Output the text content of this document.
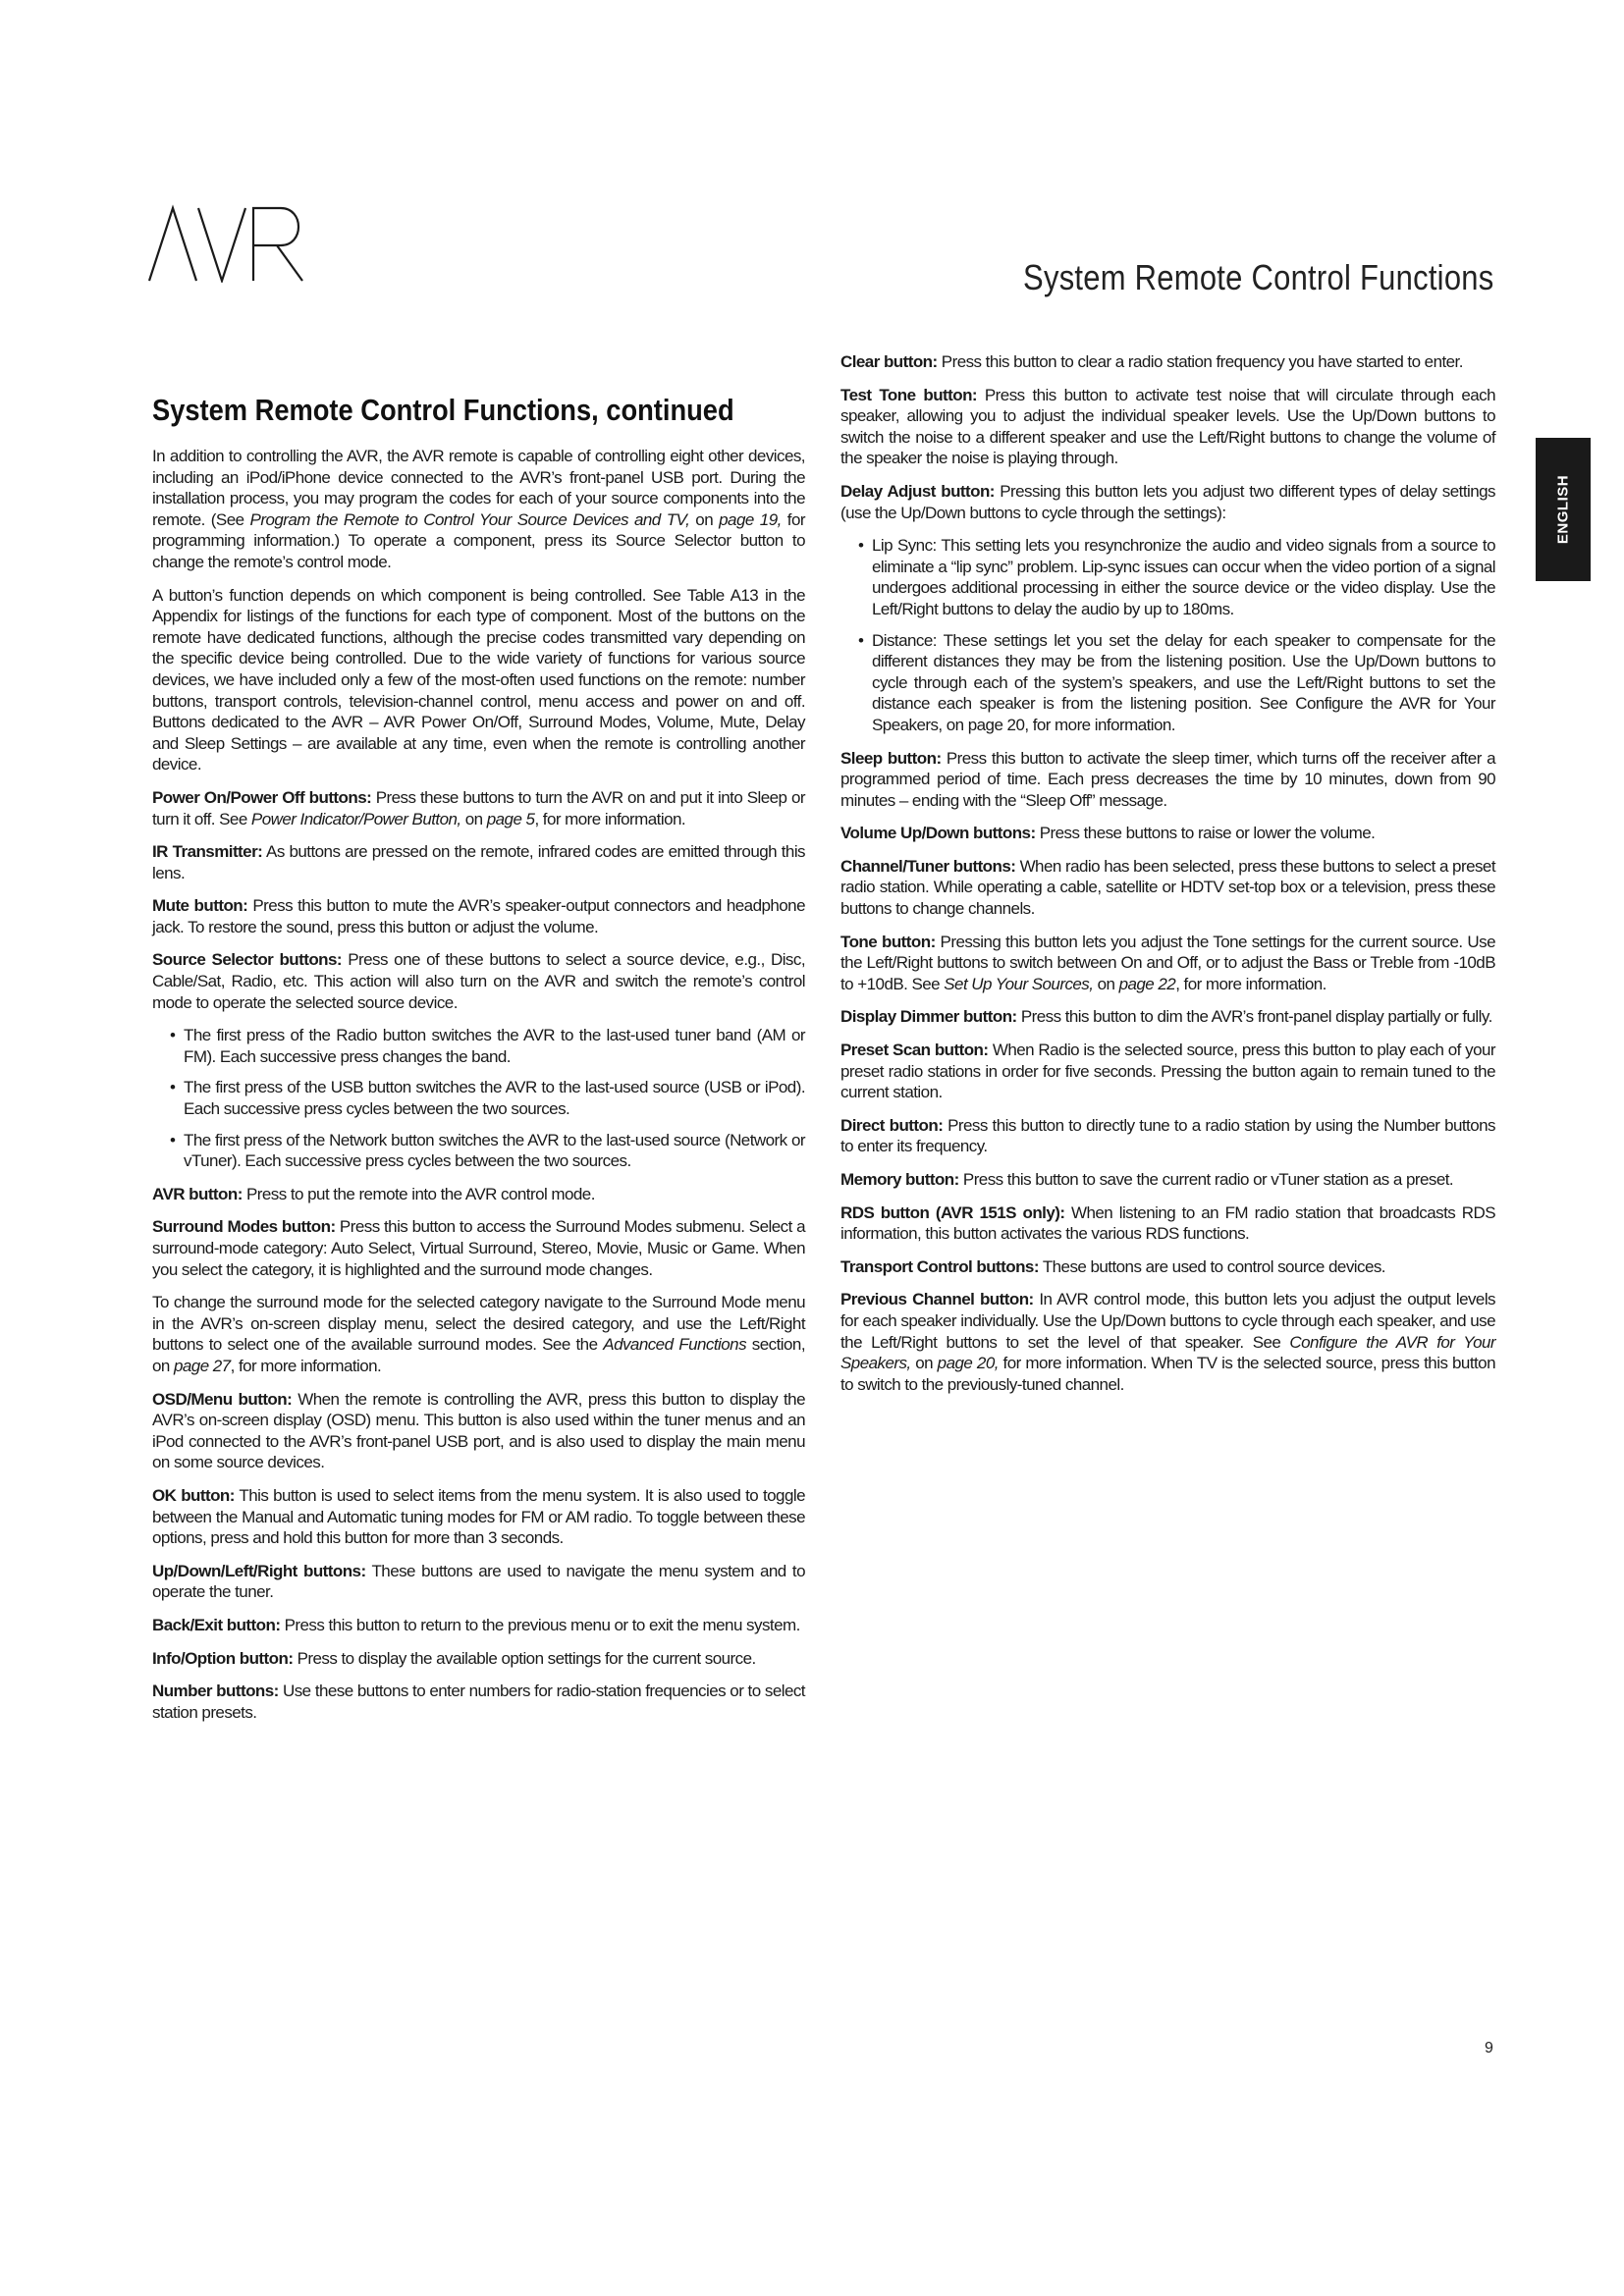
System Remote Control Functions
ENGLISH
System Remote Control Functions, continued

In addition to controlling the AVR, the AVR remote is capable of controlling eight other devices, including an iPod/iPhone device connected to the AVR’s front-panel USB port. During the installation process, you may program the codes for each of your source components into the remote. (See Program the Remote to Control Your Source Devices and TV, on page 19, for programming information.) To operate a component, press its Source Selector button to change the remote’s control mode.

A button’s function depends on which component is being controlled. See Table A13 in the Appendix for listings of the functions for each type of component. Most of the buttons on the remote have dedicated functions, although the precise codes transmitted vary depending on the specific device being controlled. Due to the wide variety of functions for various source devices, we have included only a few of the most-often used functions on the remote: number buttons, transport controls, television-channel control, menu access and power on and off. Buttons dedicated to the AVR – AVR Power On/Off, Surround Modes, Volume, Mute, Delay and Sleep Settings – are available at any time, even when the remote is controlling another device.

Power On/Power Off buttons: Press these buttons to turn the AVR on and put it into Sleep or turn it off. See Power Indicator/Power Button, on page 5, for more information.

IR Transmitter: As buttons are pressed on the remote, infrared codes are emitted through this lens.

Mute button: Press this button to mute the AVR’s speaker-output connectors and headphone jack. To restore the sound, press this button or adjust the volume.

Source Selector buttons: Press one of these buttons to select a source device, e.g., Disc, Cable/Sat, Radio, etc. This action will also turn on the AVR and switch the remote’s control mode to operate the selected source device.

• The first press of the Radio button switches the AVR to the last-used tuner band (AM or FM). Each successive press changes the band.
• The first press of the USB button switches the AVR to the last-used source (USB or iPod). Each successive press cycles between the two sources.
• The first press of the Network button switches the AVR to the last-used source (Network or vTuner). Each successive press cycles between the two sources.

AVR button: Press to put the remote into the AVR control mode.

Surround Modes button: Press this button to access the Surround Modes submenu. Select a surround-mode category: Auto Select, Virtual Surround, Stereo, Movie, Music or Game. When you select the category, it is highlighted and the surround mode changes.

To change the surround mode for the selected category navigate to the Surround Mode menu in the AVR’s on-screen display menu, select the desired category, and use the Left/Right buttons to select one of the available surround modes. See the Advanced Functions section, on page 27, for more information.

OSD/Menu button: When the remote is controlling the AVR, press this button to display the AVR’s on-screen display (OSD) menu. This button is also used within the tuner menus and an iPod connected to the AVR’s front-panel USB port, and is also used to display the main menu on some source devices.

OK button: This button is used to select items from the menu system. It is also used to toggle between the Manual and Automatic tuning modes for FM or AM radio. To toggle between these options, press and hold this button for more than 3 seconds.

Up/Down/Left/Right buttons: These buttons are used to navigate the menu system and to operate the tuner.

Back/Exit button: Press this button to return to the previous menu or to exit the menu system.

Info/Option button: Press to display the available option settings for the current source.

Number buttons: Use these buttons to enter numbers for radio-station frequencies or to select station presets.

Clear button: Press this button to clear a radio station frequency you have started to enter.

Test Tone button: Press this button to activate test noise that will circulate through each speaker, allowing you to adjust the individual speaker levels. Use the Up/Down buttons to switch the noise to a different speaker and use the Left/Right buttons to change the volume of the speaker the noise is playing through.

Delay Adjust button: Pressing this button lets you adjust two different types of delay settings (use the Up/Down buttons to cycle through the settings):

• Lip Sync: This setting lets you resynchronize the audio and video signals from a source to eliminate a “lip sync” problem. Lip-sync issues can occur when the video portion of a signal undergoes additional processing in either the source device or the video display. Use the Left/Right buttons to delay the audio by up to 180ms.
• Distance: These settings let you set the delay for each speaker to compensate for the different distances they may be from the listening position. Use the Up/Down buttons to cycle through each of the system’s speakers, and use the Left/Right buttons to set the distance each speaker is from the listening position. See Configure the AVR for Your Speakers, on page 20, for more information.

Sleep button: Press this button to activate the sleep timer, which turns off the receiver after a programmed period of time. Each press decreases the time by 10 minutes, down from 90 minutes – ending with the “Sleep Off” message.

Volume Up/Down buttons: Press these buttons to raise or lower the volume.

Channel/Tuner buttons: When radio has been selected, press these buttons to select a preset radio station. While operating a cable, satellite or HDTV set-top box or a television, press these buttons to change channels.

Tone button: Pressing this button lets you adjust the Tone settings for the current source. Use the Left/Right buttons to switch between On and Off, or to adjust the Bass or Treble from -10dB to +10dB. See Set Up Your Sources, on page 22, for more information.

Display Dimmer button: Press this button to dim the AVR’s front-panel display partially or fully.

Preset Scan button: When Radio is the selected source, press this button to play each of your preset radio stations in order for five seconds. Pressing the button again to remain tuned to the current station.

Direct button: Press this button to directly tune to a radio station by using the Number buttons to enter its frequency.

Memory button: Press this button to save the current radio or vTuner station as a preset.

RDS button (AVR 151S only): When listening to an FM radio station that broadcasts RDS information, this button activates the various RDS functions.

Transport Control buttons: These buttons are used to control source devices.

Previous Channel button: In AVR control mode, this button lets you adjust the output levels for each speaker individually. Use the Up/Down buttons to cycle through each speaker, and use the Left/Right buttons to set the level of that speaker. See Configure the AVR for Your Speakers, on page 20, for more information. When TV is the selected source, press this button to switch to the previously-tuned channel.

9
